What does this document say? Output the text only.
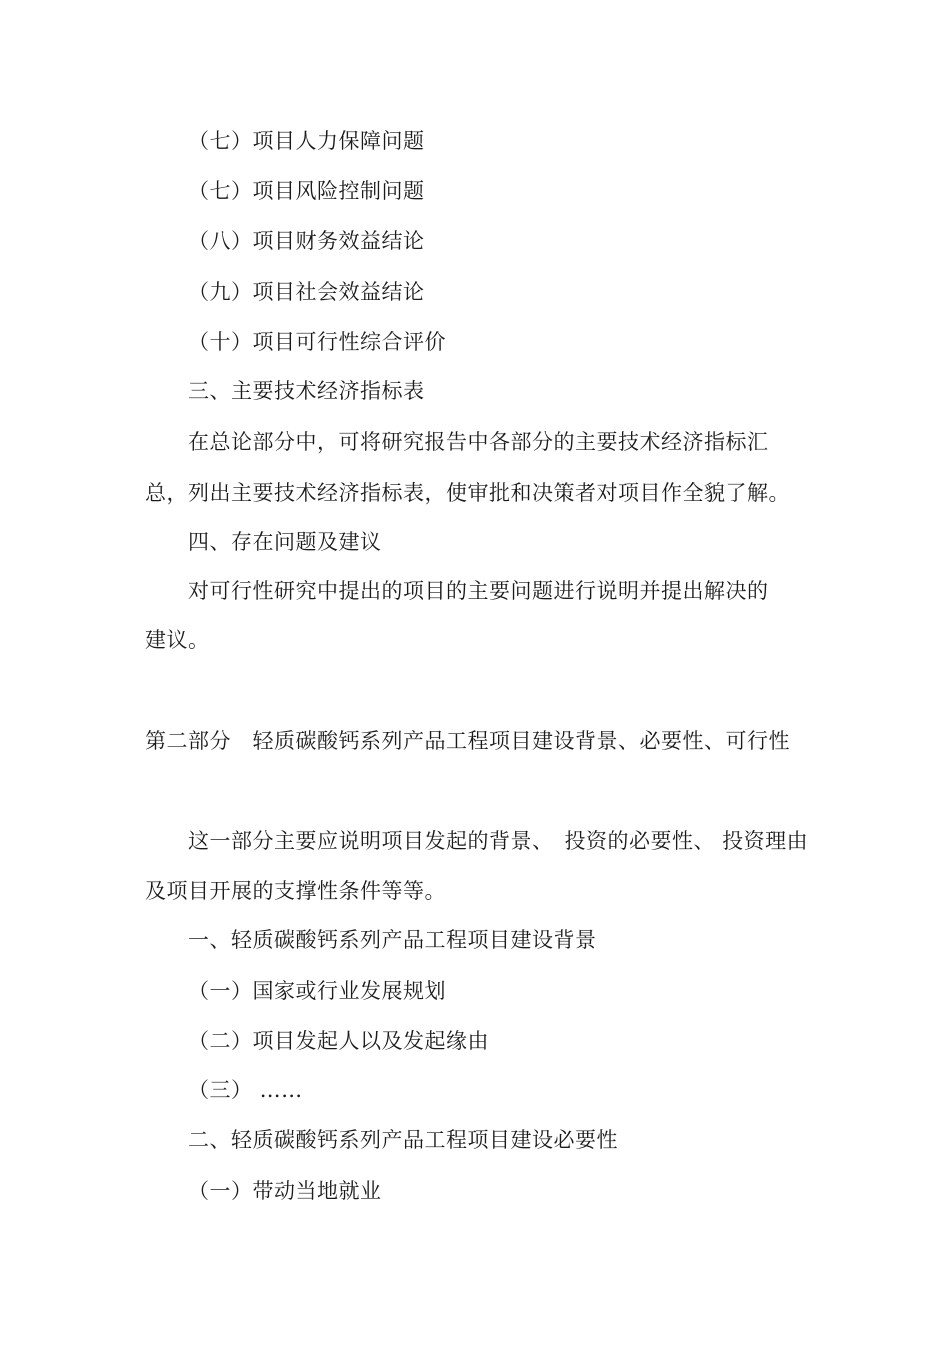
（七）项目人力保障问题
（七）项目风险控制问题
（八）项目财务效益结论
（九）项目社会效益结论
（十）项目可行性综合评价
三、主要技术经济指标表
在总论部分中，可将研究报告中各部分的主要技术经济指标汇
总，列出主要技术经济指标表，使审批和决策者对项目作全貌了解。
四、存在问题及建议
对可行性研究中提出的项目的主要问题进行说明并提出解决的
建议。
第二部分　轻质碳酸钙系列产品工程项目建设背景、必要性、可行性
这一部分主要应说明项目发起的背景、　投资的必要性、 投资理由
及项目开展的支撑性条件等等。
一、轻质碳酸钙系列产品工程项目建设背景
（一）国家或行业发展规划
（二）项目发起人以及发起缘由
（三） ……
二、轻质碳酸钙系列产品工程项目建设必要性
（一）带动当地就业
